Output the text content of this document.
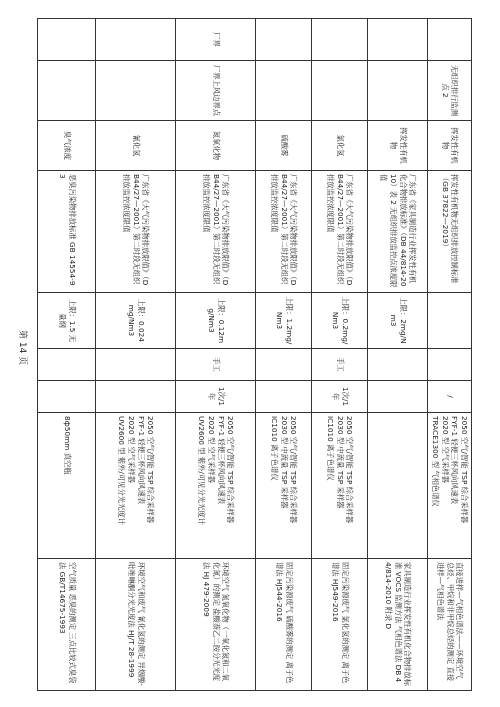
	无组织排行监测点 2	挥发性有机物	挥发性有机物无组织排放控制标准（GB 37822—2019）			/	2050 空气/智能 TSP 综合采样器
FYF-1 轻便三杯风向风速表
2020 型 空气采样器
TRACE1300 型 气相色谱仪	直接进样—气相色谱法——环境空气 总烃、甲烷和非甲烷总烃的测定 直接进样—气相色谱法
		挥发性有机物	广东省《家具制造行业挥发性有机化合物排放标准》（DB 44/814-2010）表 2 无组织排放监控点浓度限值	上限：2mg/Nm3				家具制造行业挥发性有机化合物排放标准 VOCS 监测方法 气相色谱法 DB 44/814-2010 附录 D
		氯化氢	广东省《大气污染物排放限值》（DB44/27—2001）第二时段无组织排放监控浓度限值	上限：0.2mg/Nm3	手工	1次/1年	2050 空气/智能 TSP 综合采样器
2030 型 中流量 TSP 采样器
IC1010 离子色谱仪	固定污染源废气 氯化氢的测定 离子色谱法 HJ549-2016
		硫酸雾	广东省《大气污染物排放限值》（DB44/27—2001）第二时段无组织排放监控浓度限值	上限：1.2mg/Nm3			2050 空气/智能 TSP 综合采样器
2030 型 中流量 TSP 采样器
IC1010 离子色谱仪	固定污染源废气 硫酸雾的测定 离子色谱法 HJ544-2016
厂界	厂界上风边界点	氮氧化物	广东省《大气污染物排放限值》（DB44/27—2001）第二时段无组织排放监控浓度限值	上限：0.12mg/Nm3	手工	1次/1年	2050 空气/智能 TSP 综合采样器
FYF-1 轻便三杯风向风速表
2020 型 空气采样器
UV2600 型 紫外/可见分光光度计	环境空气 氮氧化物（一氧化氮和二氧化氮）的测定 盐酸萘乙二胺分光光度法 HJ 479-2009
		氰化氢	广东省《大气污染物排放限值》（DB44/27—2001）第二时段无组织排放监控浓度限值	上限：0.024mg/Nm3			2050 空气/智能 TSP 综合采样器
FYF-1 轻便三杯风向风速表
2020 型 空气采样器
UV2600 型 紫外/可见分光光度计	环境空气和废气 氰化氢的测定 异烟酸-吡唑啉酮分光光度法 HJ/T 28-1999
		臭气浓度	恶臭污染物排放标准 GB 14554-93	上限：1.5 无量纲			8ф50mm 真空瓶	空气质量 恶臭的测定 三点比较式臭袋法 GB/T14675-1993
第 14 页
